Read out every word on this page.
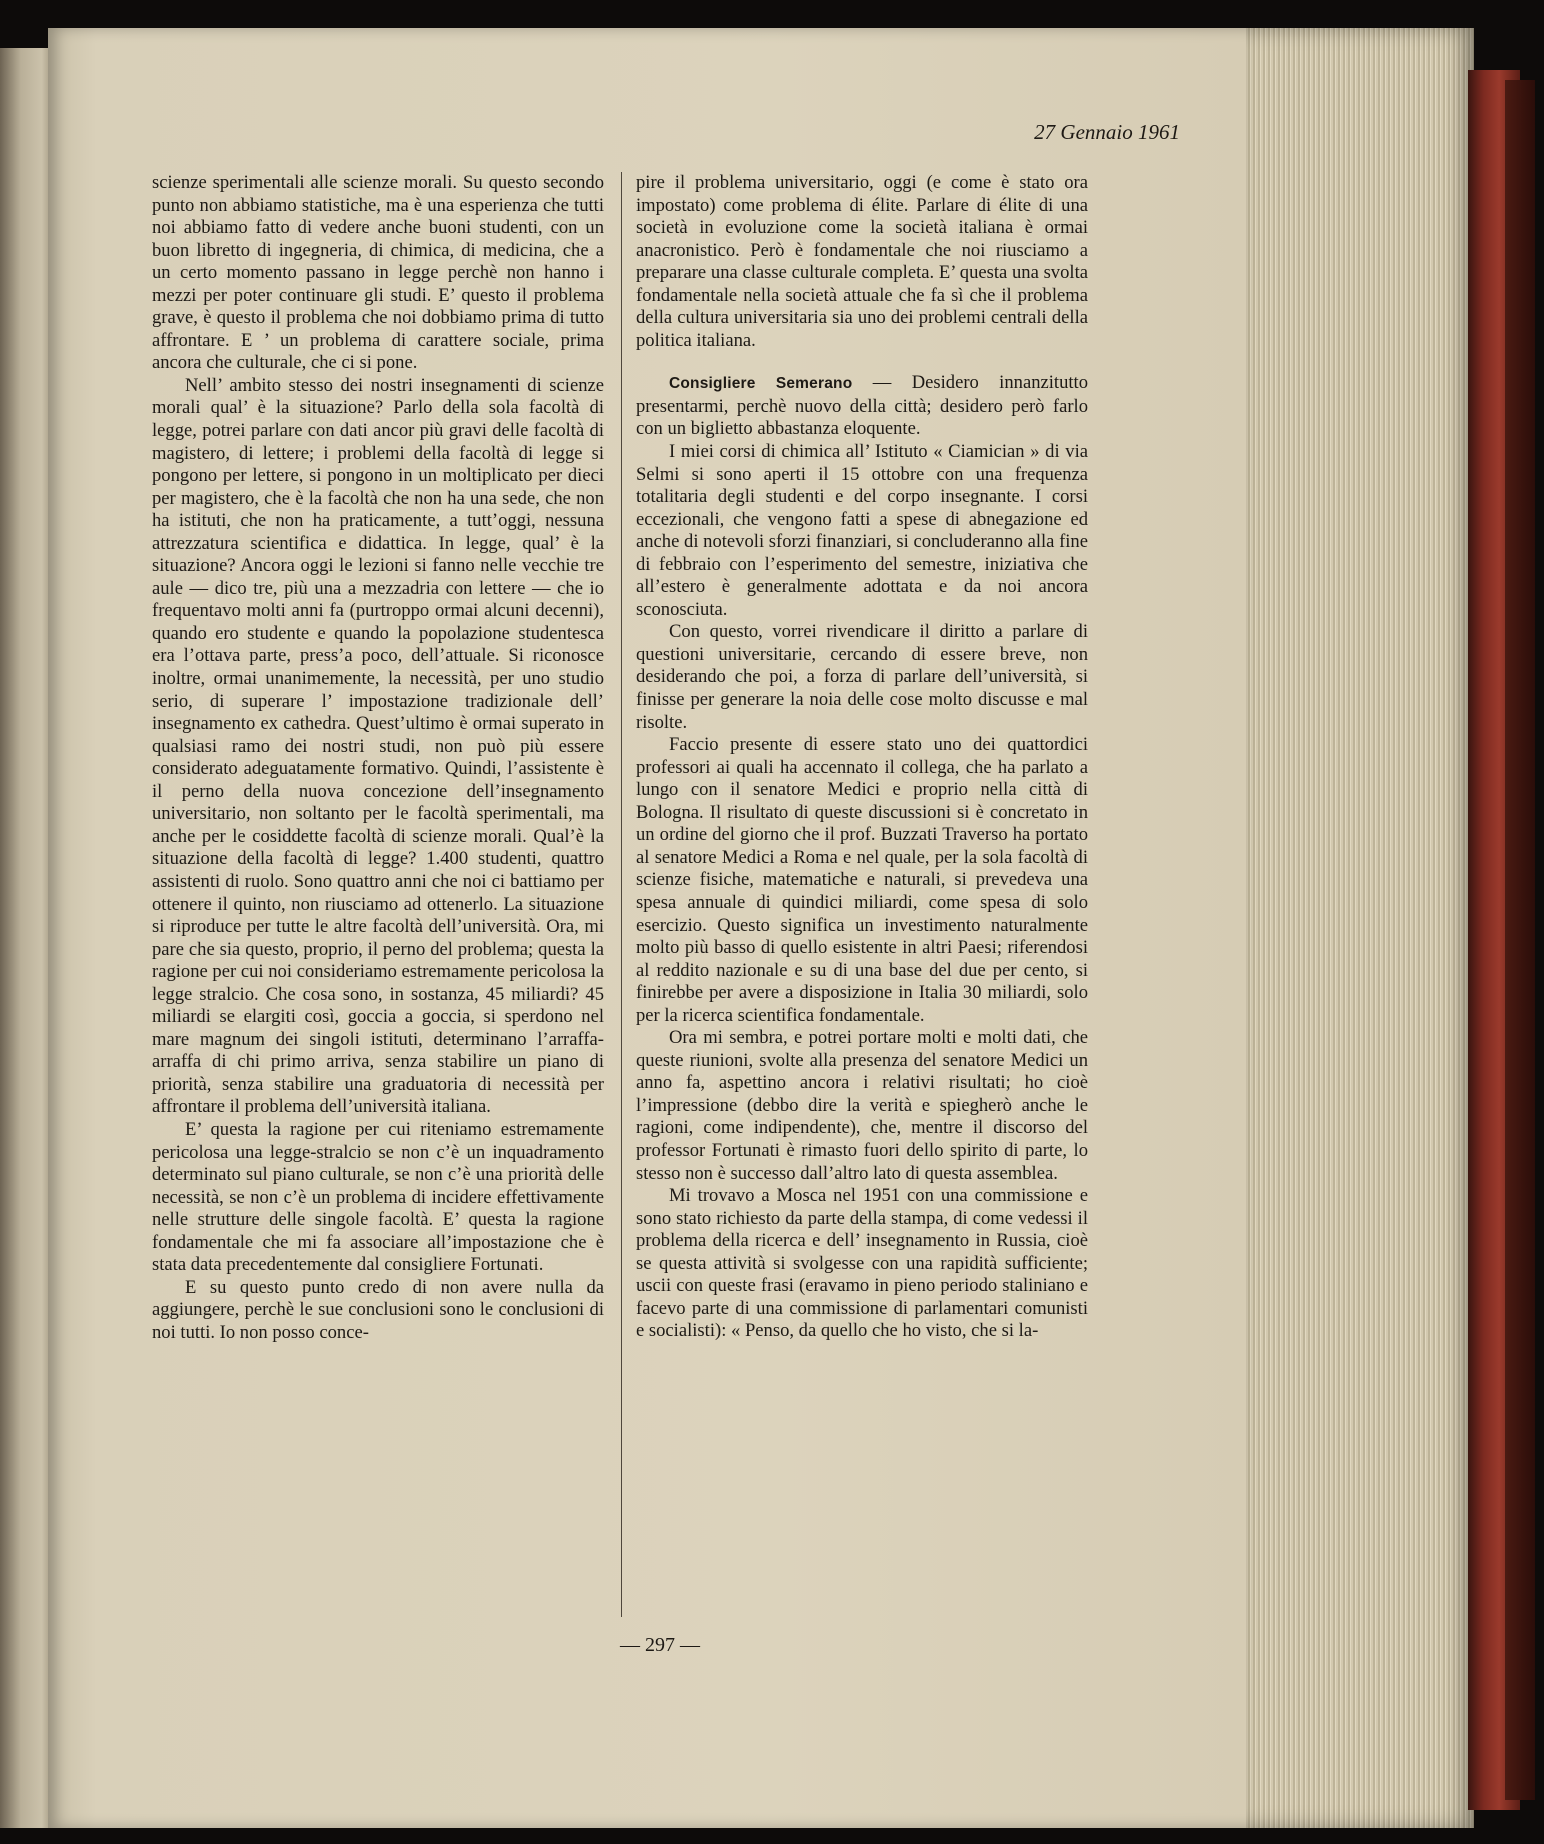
27 Gennaio 1961

scienze sperimentali alle scienze morali. Su questo secondo punto non abbiamo statistiche, ma è una esperienza che tutti noi abbiamo fatto di vedere anche buoni studenti, con un buon libretto di ingegneria, di chimica, di medicina, che a un certo momento passano in legge perchè non hanno i mezzi per poter continuare gli studi. E’ questo il problema grave, è questo il problema che noi dobbiamo prima di tutto affrontare. E ’ un problema di carattere sociale, prima ancora che culturale, che ci si pone.

Nell’ ambito stesso dei nostri insegnamenti di scienze morali qual’ è la situazione? Parlo della sola facoltà di legge, potrei parlare con dati ancor più gravi delle facoltà di magistero, di lettere; i problemi della facoltà di legge si pongono per lettere, si pongono in un moltiplicato per dieci per magistero, che è la facoltà che non ha una sede, che non ha istituti, che non ha praticamente, a tutt’oggi, nessuna attrezzatura scientifica e didattica. In legge, qual’ è la situazione? Ancora oggi le lezioni si fanno nelle vecchie tre aule — dico tre, più una a mezzadria con lettere — che io frequentavo molti anni fa (purtroppo ormai alcuni decenni), quando ero studente e quando la popolazione studentesca era l’ottava parte, press’a poco, dell’attuale. Si riconosce inoltre, ormai unanimemente, la necessità, per uno studio serio, di superare l’ impostazione tradizionale dell’ insegnamento ex cathedra. Quest’ultimo è ormai superato in qualsiasi ramo dei nostri studi, non può più essere considerato adeguatamente formativo. Quindi, l’assistente è il perno della nuova concezione dell’insegnamento universitario, non soltanto per le facoltà sperimentali, ma anche per le cosiddette facoltà di scienze morali. Qual’è la situazione della facoltà di legge? 1.400 studenti, quattro assistenti di ruolo. Sono quattro anni che noi ci battiamo per ottenere il quinto, non riusciamo ad ottenerlo. La situazione si riproduce per tutte le altre facoltà dell’università. Ora, mi pare che sia questo, proprio, il perno del problema; questa la ragione per cui noi consideriamo estremamente pericolosa la legge stralcio. Che cosa sono, in sostanza, 45 miliardi? 45 miliardi se elargiti così, goccia a goccia, si sperdono nel mare magnum dei singoli istituti, determinano l’arraffa-arraffa di chi primo arriva, senza stabilire un piano di priorità, senza stabilire una graduatoria di necessità per affrontare il problema dell’università italiana.

E’ questa la ragione per cui riteniamo estremamente pericolosa una legge-stralcio se non c’è un inquadramento determinato sul piano culturale, se non c’è una priorità delle necessità, se non c’è un problema di incidere effettivamente nelle strutture delle singole facoltà. E’ questa la ragione fondamentale che mi fa associare all’impostazione che è stata data precedentemente dal consigliere Fortunati.

E su questo punto credo di non avere nulla da aggiungere, perchè le sue conclusioni sono le conclusioni di noi tutti. Io non posso conce-

pire il problema universitario, oggi (e come è stato ora impostato) come problema di élite. Parlare di élite di una società in evoluzione come la società italiana è ormai anacronistico. Però è fondamentale che noi riusciamo a preparare una classe culturale completa. E’ questa una svolta fondamentale nella società attuale che fa sì che il problema della cultura universitaria sia uno dei problemi centrali della politica italiana.

Consigliere Semerano — Desidero innanzitutto presentarmi, perchè nuovo della città; desidero però farlo con un biglietto abbastanza eloquente.

I miei corsi di chimica all’ Istituto « Ciamician » di via Selmi si sono aperti il 15 ottobre con una frequenza totalitaria degli studenti e del corpo insegnante. I corsi eccezionali, che vengono fatti a spese di abnegazione ed anche di notevoli sforzi finanziari, si concluderanno alla fine di febbraio con l’esperimento del semestre, iniziativa che all’estero è generalmente adottata e da noi ancora sconosciuta.

Con questo, vorrei rivendicare il diritto a parlare di questioni universitarie, cercando di essere breve, non desiderando che poi, a forza di parlare dell’università, si finisse per generare la noia delle cose molto discusse e mal risolte.

Faccio presente di essere stato uno dei quattordici professori ai quali ha accennato il collega, che ha parlato a lungo con il senatore Medici e proprio nella città di Bologna. Il risultato di queste discussioni si è concretato in un ordine del giorno che il prof. Buzzati Traverso ha portato al senatore Medici a Roma e nel quale, per la sola facoltà di scienze fisiche, matematiche e naturali, si prevedeva una spesa annuale di quindici miliardi, come spesa di solo esercizio. Questo significa un investimento naturalmente molto più basso di quello esistente in altri Paesi; riferendosi al reddito nazionale e su di una base del due per cento, si finirebbe per avere a disposizione in Italia 30 miliardi, solo per la ricerca scientifica fondamentale.

Ora mi sembra, e potrei portare molti e molti dati, che queste riunioni, svolte alla presenza del senatore Medici un anno fa, aspettino ancora i relativi risultati; ho cioè l’impressione (debbo dire la verità e spiegherò anche le ragioni, come indipendente), che, mentre il discorso del professor Fortunati è rimasto fuori dello spirito di parte, lo stesso non è successo dall’altro lato di questa assemblea.

Mi trovavo a Mosca nel 1951 con una commissione e sono stato richiesto da parte della stampa, di come vedessi il problema della ricerca e dell’ insegnamento in Russia, cioè se questa attività si svolgesse con una rapidità sufficiente; uscii con queste frasi (eravamo in pieno periodo staliniano e facevo parte di una commissione di parlamentari comunisti e socialisti): « Penso, da quello che ho visto, che si la-

— 297 —
